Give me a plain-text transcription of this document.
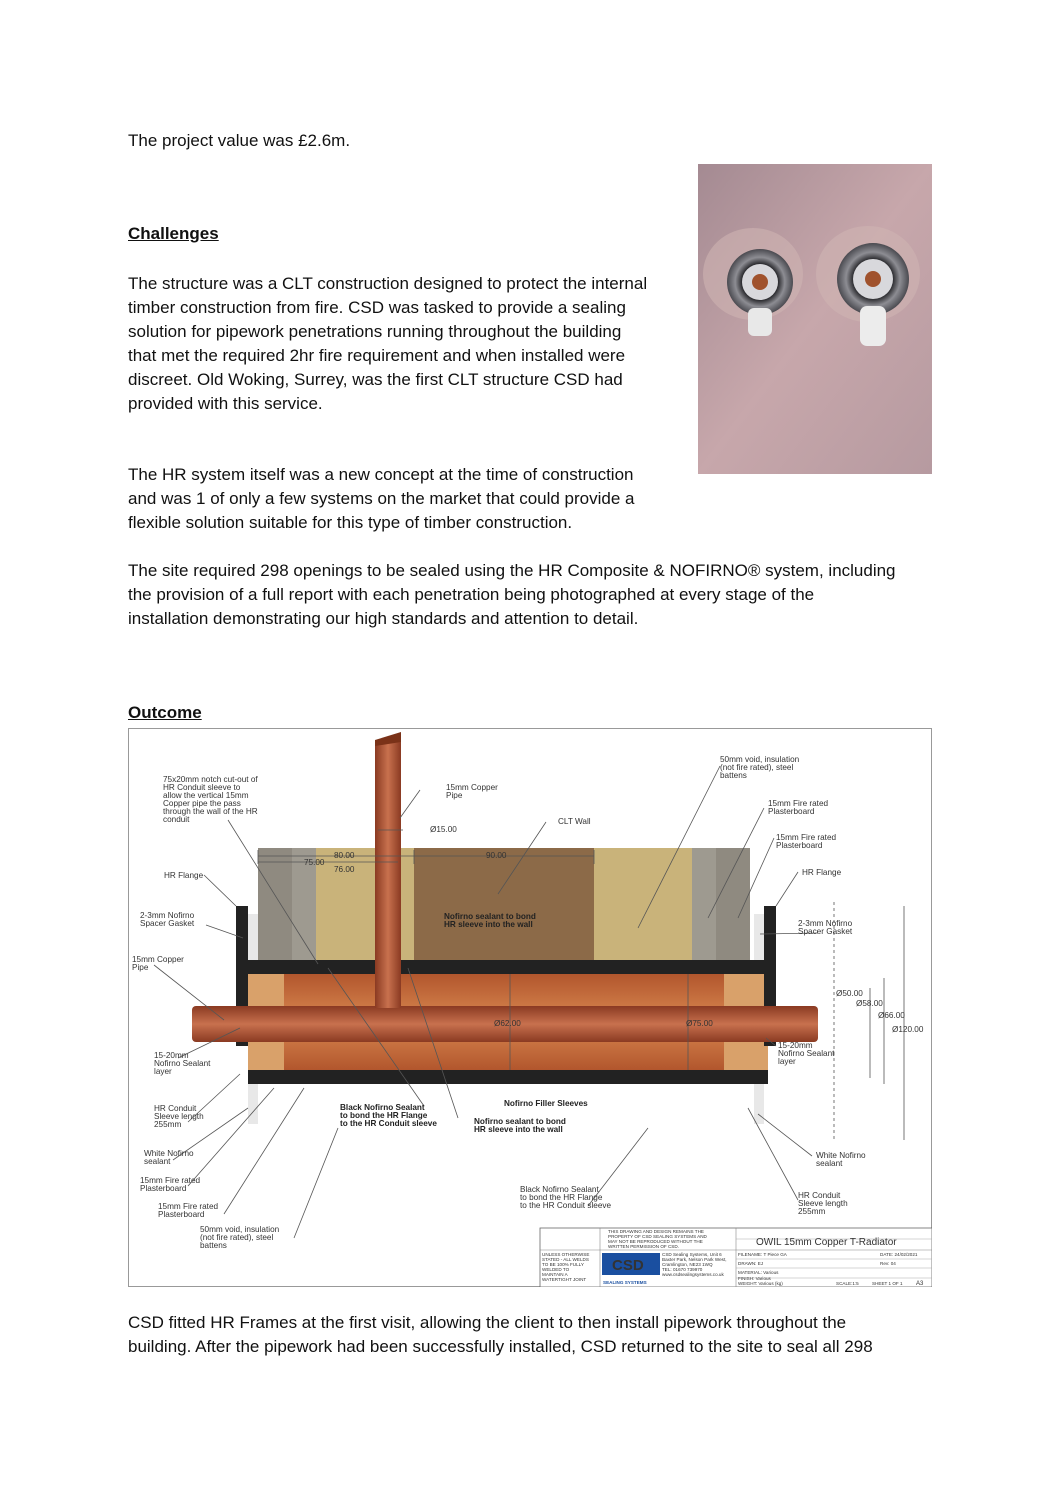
The project value was £2.6m.

Challenges

The structure was a CLT construction designed to protect the internal
timber construction from fire. CSD was tasked to provide a sealing
solution for pipework penetrations running throughout the building
that met the required 2hr fire requirement and when installed were
discreet. Old Woking, Surrey, was the first CLT structure CSD had
provided with this service.

The HR system itself was a new concept at the time of construction
and was 1 of only a few systems on the market that could provide a
flexible solution suitable for this type of timber construction.

The site required 298 openings to be sealed using the HR Composite & NOFIRNO® system, including
the provision of a full report with each penetration being photographed at every stage of the
installation demonstrating our high standards and attention to detail.

Outcome

75x20mm notch cut-out of HR Conduit sleeve to allow the vertical 15mm Copper pipe the pass through the wall of the HR conduit
15mm Copper Pipe
Ø15.00
CLT Wall
50mm void, insulation (not fire rated), steel battens
15mm Fire rated Plasterboard
15mm Fire rated Plasterboard
HR Flange
HR Flange
80.00
75.00
76.00
90.00
2-3mm Nofirno Spacer Gasket	2-3mm Nofirno Spacer Gasket
Nofirno sealant to bond HR sleeve into the wall
15mm Copper Pipe
Ø50.00
Ø58.00
Ø66.00
Ø120.00
Ø62.00	Ø75.00
15-20mm Nofirno Sealant layer
15-20mm Nofirno Sealant layer
Nofirno Filler Sleeves
Black Nofirno Sealant to bond the HR Flange to the HR Conduit sleeve	Nofirno sealant to bond HR sleeve into the wall
HR Conduit Sleeve length 255mm
White Nofirno sealant
White Nofirno sealant
15mm Fire rated Plasterboard
15mm Fire rated Plasterboard
50mm void, insulation (not fire rated), steel battens
Black Nofirno Sealant to bond the HR Flange to the HR Conduit sleeve
HR Conduit Sleeve length 255mm
THIS DRAWING AND DESIGN REMAINS THE PROPERTY OF CSD SEALING SYSTEMS AND MAY NOT BE REPRODUCED WITHOUT THE WRITTEN PERMISSION OF CSD.
UNLESS OTHERWISE STATED - ALL WELDS TO BE 100% FULLY WELDED TO MAINTAIN A WATERTIGHT JOINT
SEALING SYSTEMS
CSD Sealing Systems, Unit 6 Baxter Park, Nelson Park West, Cramlington, NE23 1WQ TEL: 01670 739970 www.csdsealingsystems.co.uk
FILENAME: T Piece GA	DATE: 24/02/2021
DRAWN: EJ	Rev: 04
MATERIAL: Various
FINISH: Various
WEIGHT: Various (kg)	SCALE:1:5	SHEET 1 OF 1
CSD
OWIL 15mm Copper T-Radiator
A3

CSD fitted HR Frames at the first visit, allowing the client to then install pipework throughout the
building. After the pipework had been successfully installed, CSD returned to the site to seal all 298
